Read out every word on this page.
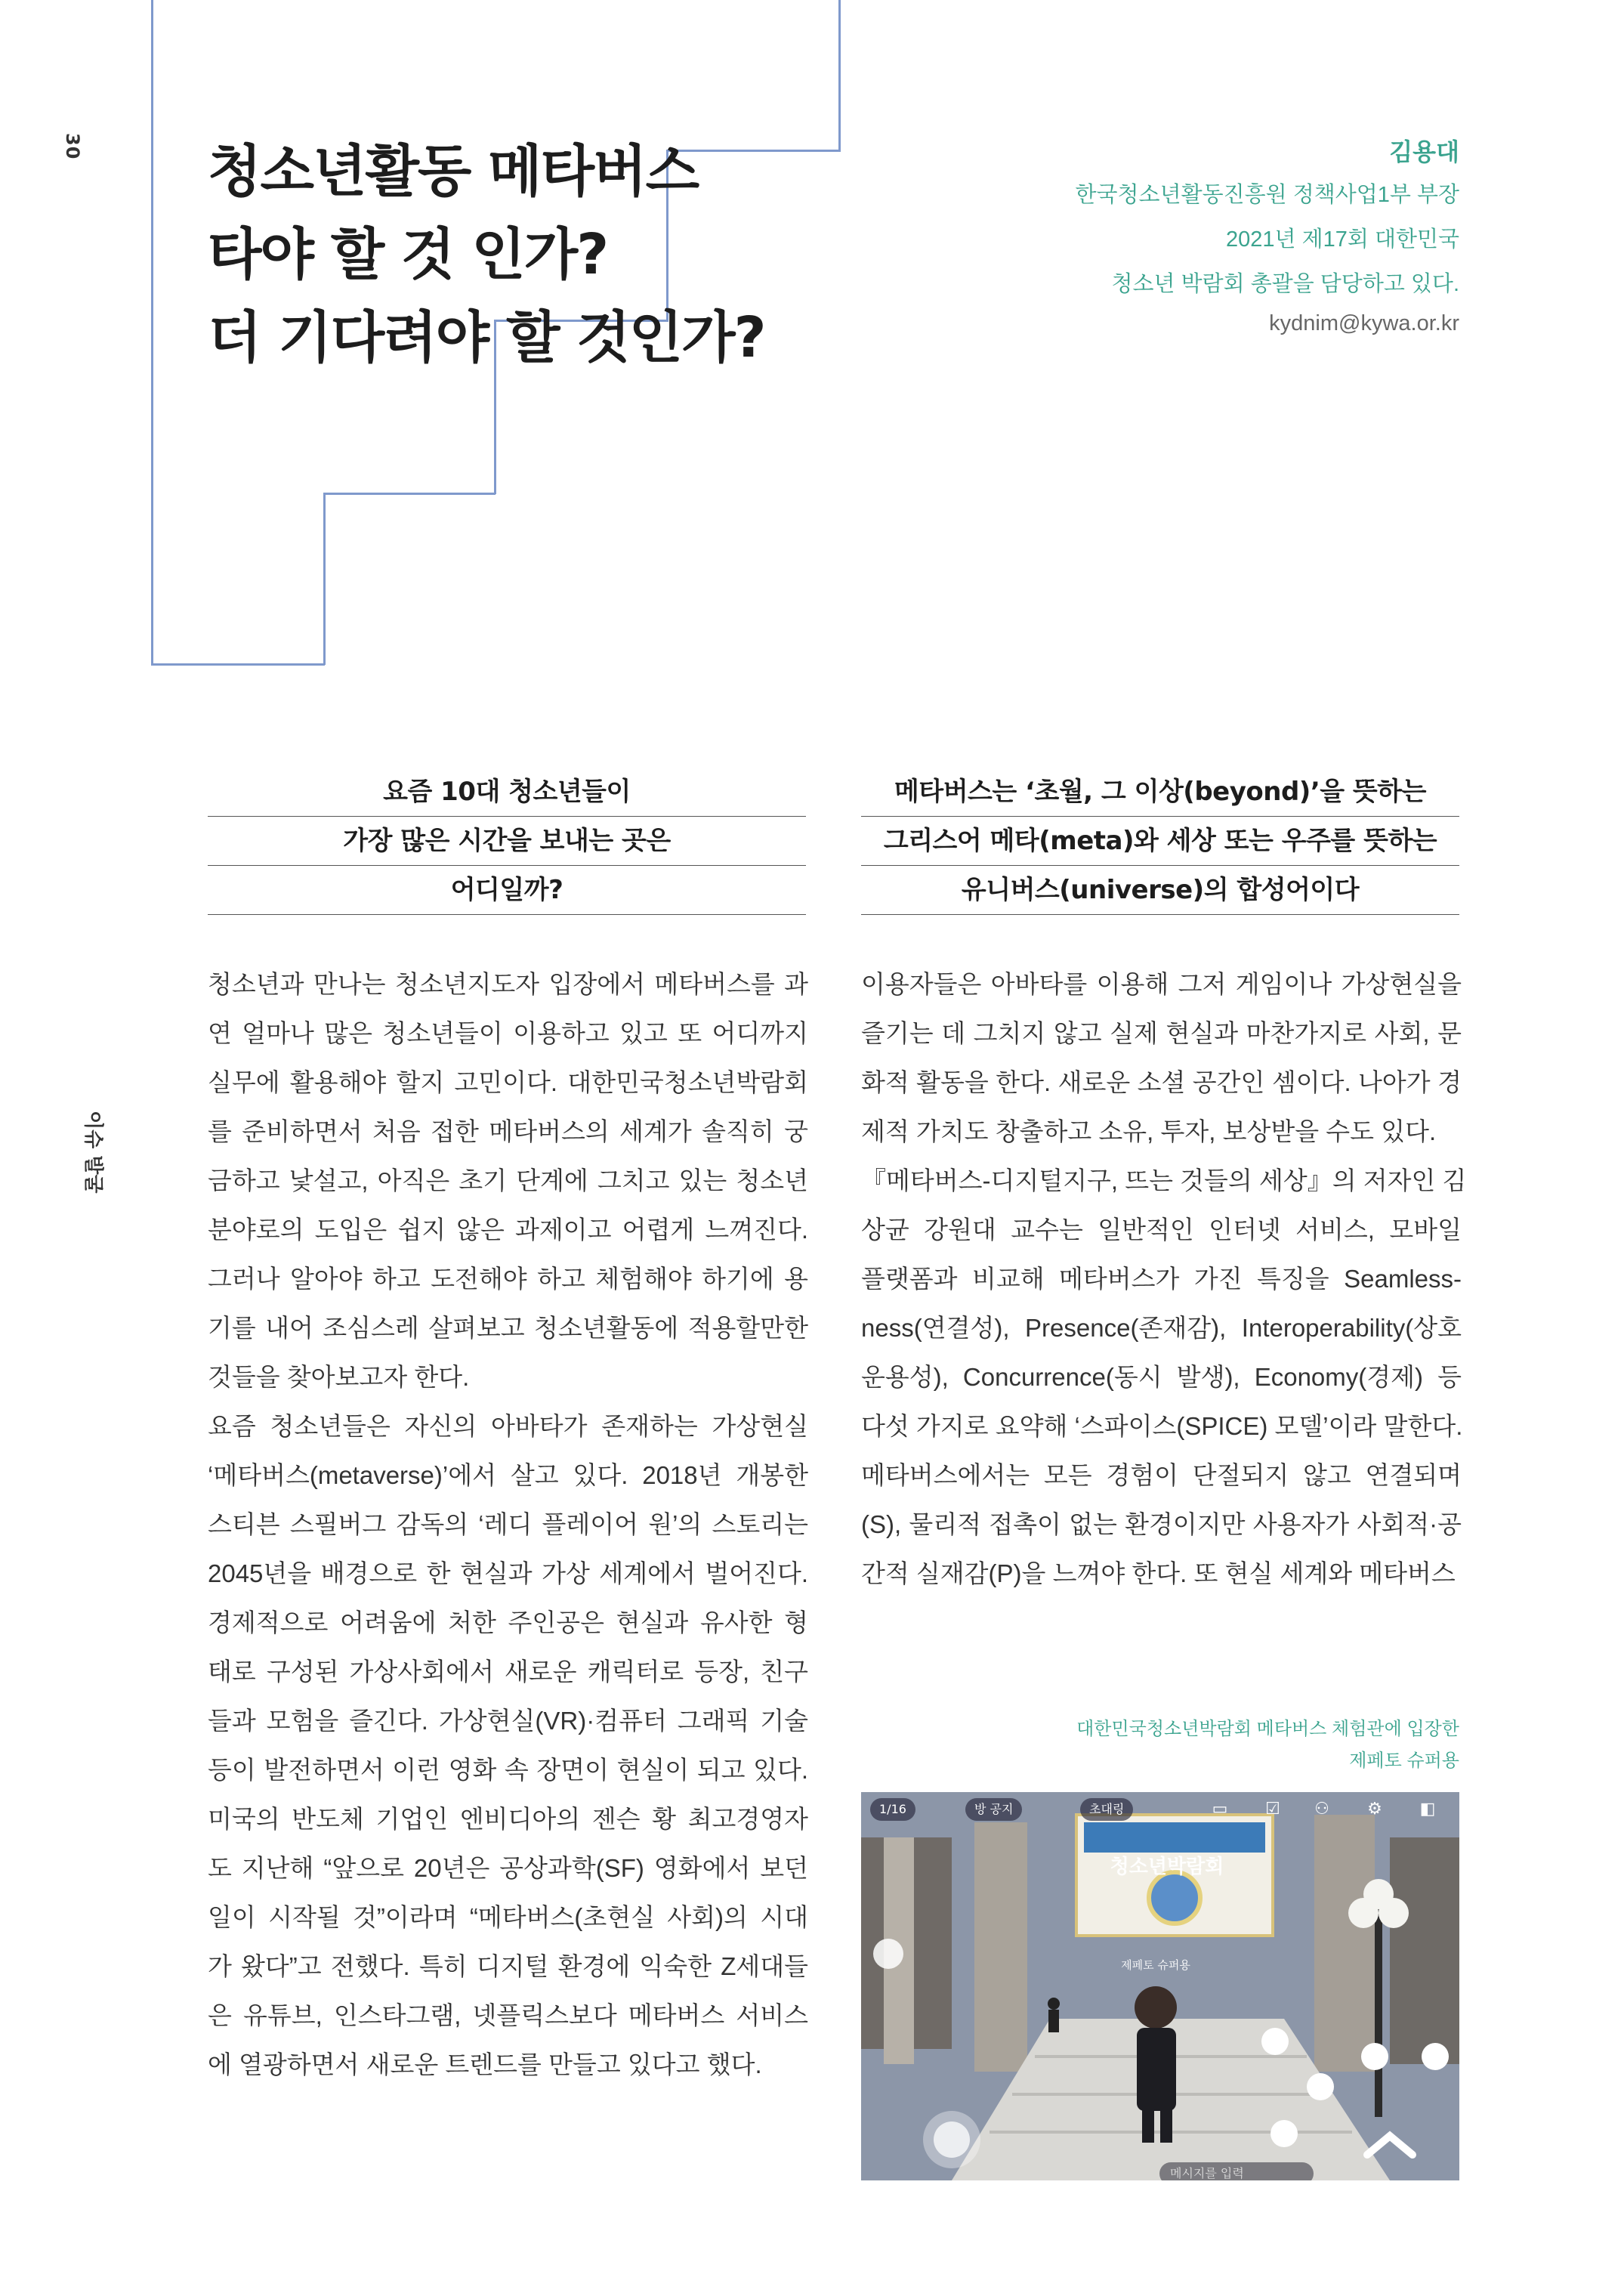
30
이슈 발굴
청소년활동 메타버스
타야 할 것 인가?
더 기다려야 할 것인가?
김용대
한국청소년활동진흥원 정책사업1부 부장
2021년 제17회 대한민국
청소년 박람회 총괄을 담당하고 있다.
kydnim@kywa.or.kr
요즘 10대 청소년들이
가장 많은 시간을 보내는 곳은
어디일까?
메타버스는 ‘초월, 그 이상(beyond)’을 뜻하는
그리스어 메타(meta)와 세상 또는 우주를 뜻하는
유니버스(universe)의 합성어이다
청소년과 만나는 청소년지도자 입장에서 메타버스를 과
연 얼마나 많은 청소년들이 이용하고 있고 또 어디까지
실무에 활용해야 할지 고민이다. 대한민국청소년박람회
를 준비하면서 처음 접한 메타버스의 세계가 솔직히 궁
금하고 낯설고, 아직은 초기 단계에 그치고 있는 청소년
분야로의 도입은 쉽지 않은 과제이고 어렵게 느껴진다.
그러나 알아야 하고 도전해야 하고 체험해야 하기에 용
기를 내어 조심스레 살펴보고 청소년활동에 적용할만한
것들을 찾아보고자 한다.
요즘 청소년들은 자신의 아바타가 존재하는 가상현실
‘메타버스(metaverse)’에서 살고 있다. 2018년 개봉한
스티븐 스필버그 감독의 ‘레디 플레이어 원’의 스토리는
2045년을 배경으로 한 현실과 가상 세계에서 벌어진다.
경제적으로 어려움에 처한 주인공은 현실과 유사한 형
태로 구성된 가상사회에서 새로운 캐릭터로 등장, 친구
들과 모험을 즐긴다. 가상현실(VR)·컴퓨터 그래픽 기술
등이 발전하면서 이런 영화 속 장면이 현실이 되고 있다.
미국의 반도체 기업인 엔비디아의 젠슨 황 최고경영자
도 지난해 “앞으로 20년은 공상과학(SF) 영화에서 보던
일이 시작될 것”이라며 “메타버스(초현실 사회)의 시대
가 왔다”고 전했다. 특히 디지털 환경에 익숙한 Z세대들
은 유튜브, 인스타그램, 넷플릭스보다 메타버스 서비스
에 열광하면서 새로운 트렌드를 만들고 있다고 했다.
이용자들은 아바타를 이용해 그저 게임이나 가상현실을
즐기는 데 그치지 않고 실제 현실과 마찬가지로 사회, 문
화적 활동을 한다. 새로운 소셜 공간인 셈이다. 나아가 경
제적 가치도 창출하고 소유, 투자, 보상받을 수도 있다.
『메타버스-디지털지구, 뜨는 것들의 세상』의 저자인 김
상균 강원대 교수는 일반적인 인터넷 서비스, 모바일
플랫폼과 비교해 메타버스가 가진 특징을 Seamless-
ness(연결성), Presence(존재감), Interoperability(상호
운용성), Concurrence(동시 발생), Economy(경제) 등
다섯 가지로 요약해 ‘스파이스(SPICE) 모델’이라 말한다.
메타버스에서는 모든 경험이 단절되지 않고 연결되며
(S), 물리적 접촉이 없는 환경이지만 사용자가 사회적·공
간적 실재감(P)을 느껴야 한다. 또 현실 세계와 메타버스
대한민국청소년박람회 메타버스 체험관에 입장한
제페토 슈퍼용
1/16	방 공지	초대링	▭ ☑ ⚇ ⚙ ◧
청소년박람회
제페토 슈퍼용
메시지를 입력
